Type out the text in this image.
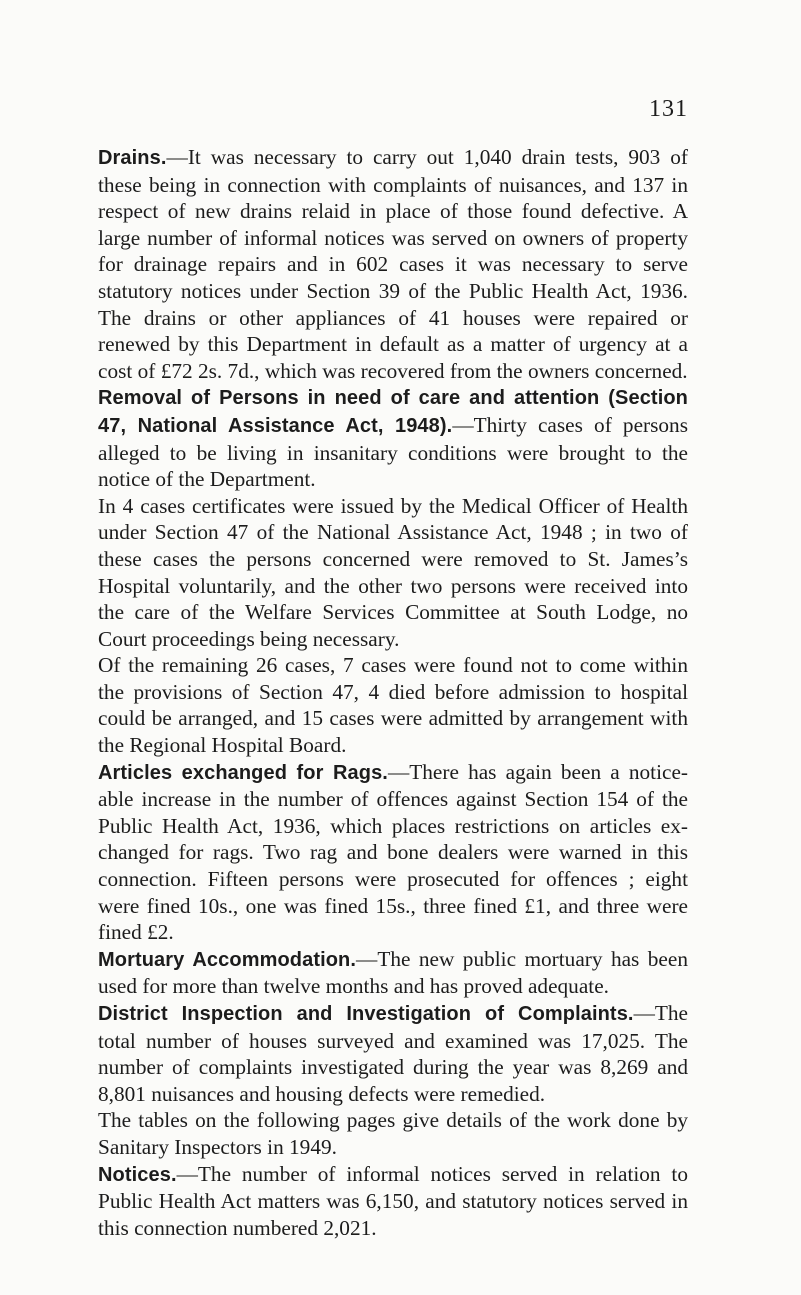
131

Drains.—It was necessary to carry out 1,040 drain tests, 903 of these being in connection with complaints of nuisances, and 137 in respect of new drains relaid in place of those found defective. A large number of informal notices was served on owners of property for drainage repairs and in 602 cases it was necessary to serve statutory notices under Section 39 of the Public Health Act, 1936. The drains or other appliances of 41 houses were repaired or renewed by this Department in default as a matter of urgency at a cost of £72 2s. 7d., which was recovered from the owners concerned.

Removal of Persons in need of care and attention (Section 47, National Assistance Act, 1948).—Thirty cases of persons alleged to be living in insanitary conditions were brought to the notice of the Department.

In 4 cases certificates were issued by the Medical Officer of Health under Section 47 of the National Assistance Act, 1948 ; in two of these cases the persons concerned were removed to St. James’s Hospital voluntarily, and the other two persons were received into the care of the Welfare Services Committee at South Lodge, no Court proceedings being necessary.

Of the remaining 26 cases, 7 cases were found not to come within the provisions of Section 47, 4 died before admission to hospital could be arranged, and 15 cases were admitted by arrangement with the Regional Hospital Board.

Articles exchanged for Rags.—There has again been a notice-able increase in the number of offences against Section 154 of the Public Health Act, 1936, which places restrictions on articles ex-changed for rags. Two rag and bone dealers were warned in this connection. Fifteen persons were prosecuted for offences ; eight were fined 10s., one was fined 15s., three fined £1, and three were fined £2.

Mortuary Accommodation.—The new public mortuary has been used for more than twelve months and has proved adequate.

District Inspection and Investigation of Complaints.—The total number of houses surveyed and examined was 17,025. The number of complaints investigated during the year was 8,269 and 8,801 nuisances and housing defects were remedied.

The tables on the following pages give details of the work done by Sanitary Inspectors in 1949.

Notices.—The number of informal notices served in relation to Public Health Act matters was 6,150, and statutory notices served in this connection numbered 2,021.
